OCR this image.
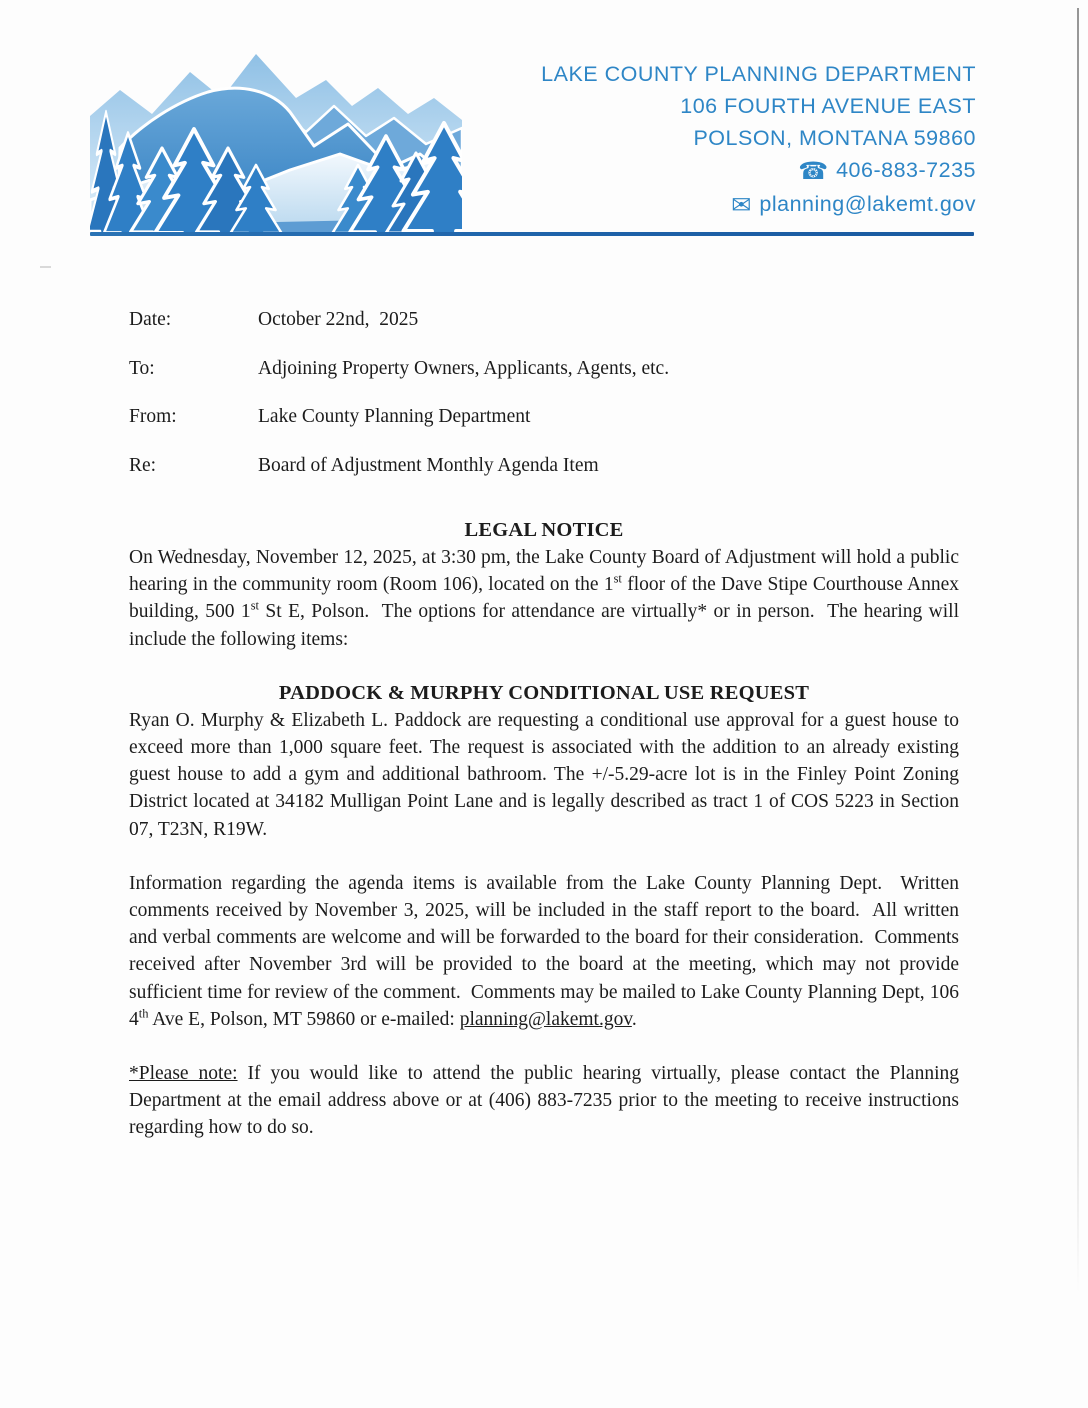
LAKE COUNTY PLANNING DEPARTMENT
106 FOURTH AVENUE EAST
POLSON, MONTANA 59860
☎ 406-883-7235
✉ planning@lakemt.gov
Date:	October 22nd,  2025
To:	Adjoining Property Owners, Applicants, Agents, etc.
From:	Lake County Planning Department
Re:	Board of Adjustment Monthly Agenda Item
LEGAL NOTICE

On Wednesday, November 12, 2025, at 3:30 pm, the Lake County Board of Adjustment will hold a public hearing in the community room (Room 106), located on the 1st floor of the Dave Stipe Courthouse Annex building, 500 1st St E, Polson.  The options for attendance are virtually* or in person.  The hearing will include the following items:

PADDOCK & MURPHY CONDITIONAL USE REQUEST

Ryan O. Murphy & Elizabeth L. Paddock are requesting a conditional use approval for a guest house to exceed more than 1,000 square feet. The request is associated with the addition to an already existing guest house to add a gym and additional bathroom. The +/-5.29-acre lot is in the Finley Point Zoning District located at 34182 Mulligan Point Lane and is legally described as tract 1 of COS 5223 in Section 07, T23N, R19W.

Information regarding the agenda items is available from the Lake County Planning Dept.  Written comments received by November 3, 2025, will be included in the staff report to the board.  All written and verbal comments are welcome and will be forwarded to the board for their consideration.  Comments received after November 3rd will be provided to the board at the meeting, which may not provide sufficient time for review of the comment.  Comments may be mailed to Lake County Planning Dept, 106 4th Ave E, Polson, MT 59860 or e-mailed: planning@lakemt.gov.

*Please note: If you would like to attend the public hearing virtually, please contact the Planning Department at the email address above or at (406) 883-7235 prior to the meeting to receive instructions regarding how to do so.
